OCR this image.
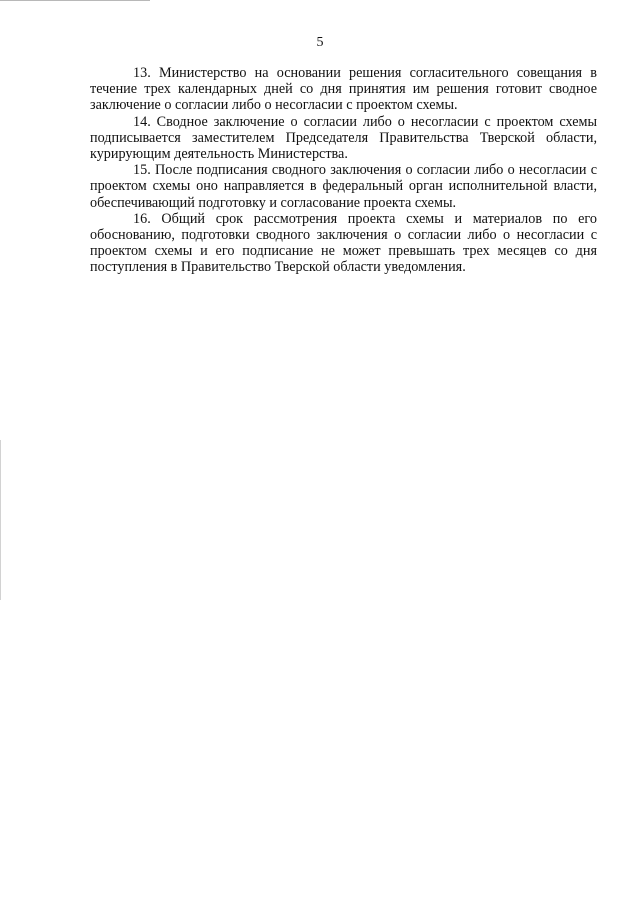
5

13. Министерство на основании решения согласительного совещания в течение трех календарных дней со дня принятия им решения готовит сводное заключение о согласии либо о несогласии с проектом схемы.

14. Сводное заключение о согласии либо о несогласии с проектом схемы подписывается заместителем Председателя Правительства Тверской области, курирующим деятельность Министерства.

15. После подписания сводного заключения о согласии либо о несогласии с проектом схемы оно направляется в федеральный орган исполнительной власти, обеспечивающий подготовку и согласование проекта схемы.

16. Общий срок рассмотрения проекта схемы и материалов по его обоснованию, подготовки сводного заключения о согласии либо о несогласии с проектом схемы и его подписание не может превышать трех месяцев со дня поступления в Правительство Тверской области уведомления.
